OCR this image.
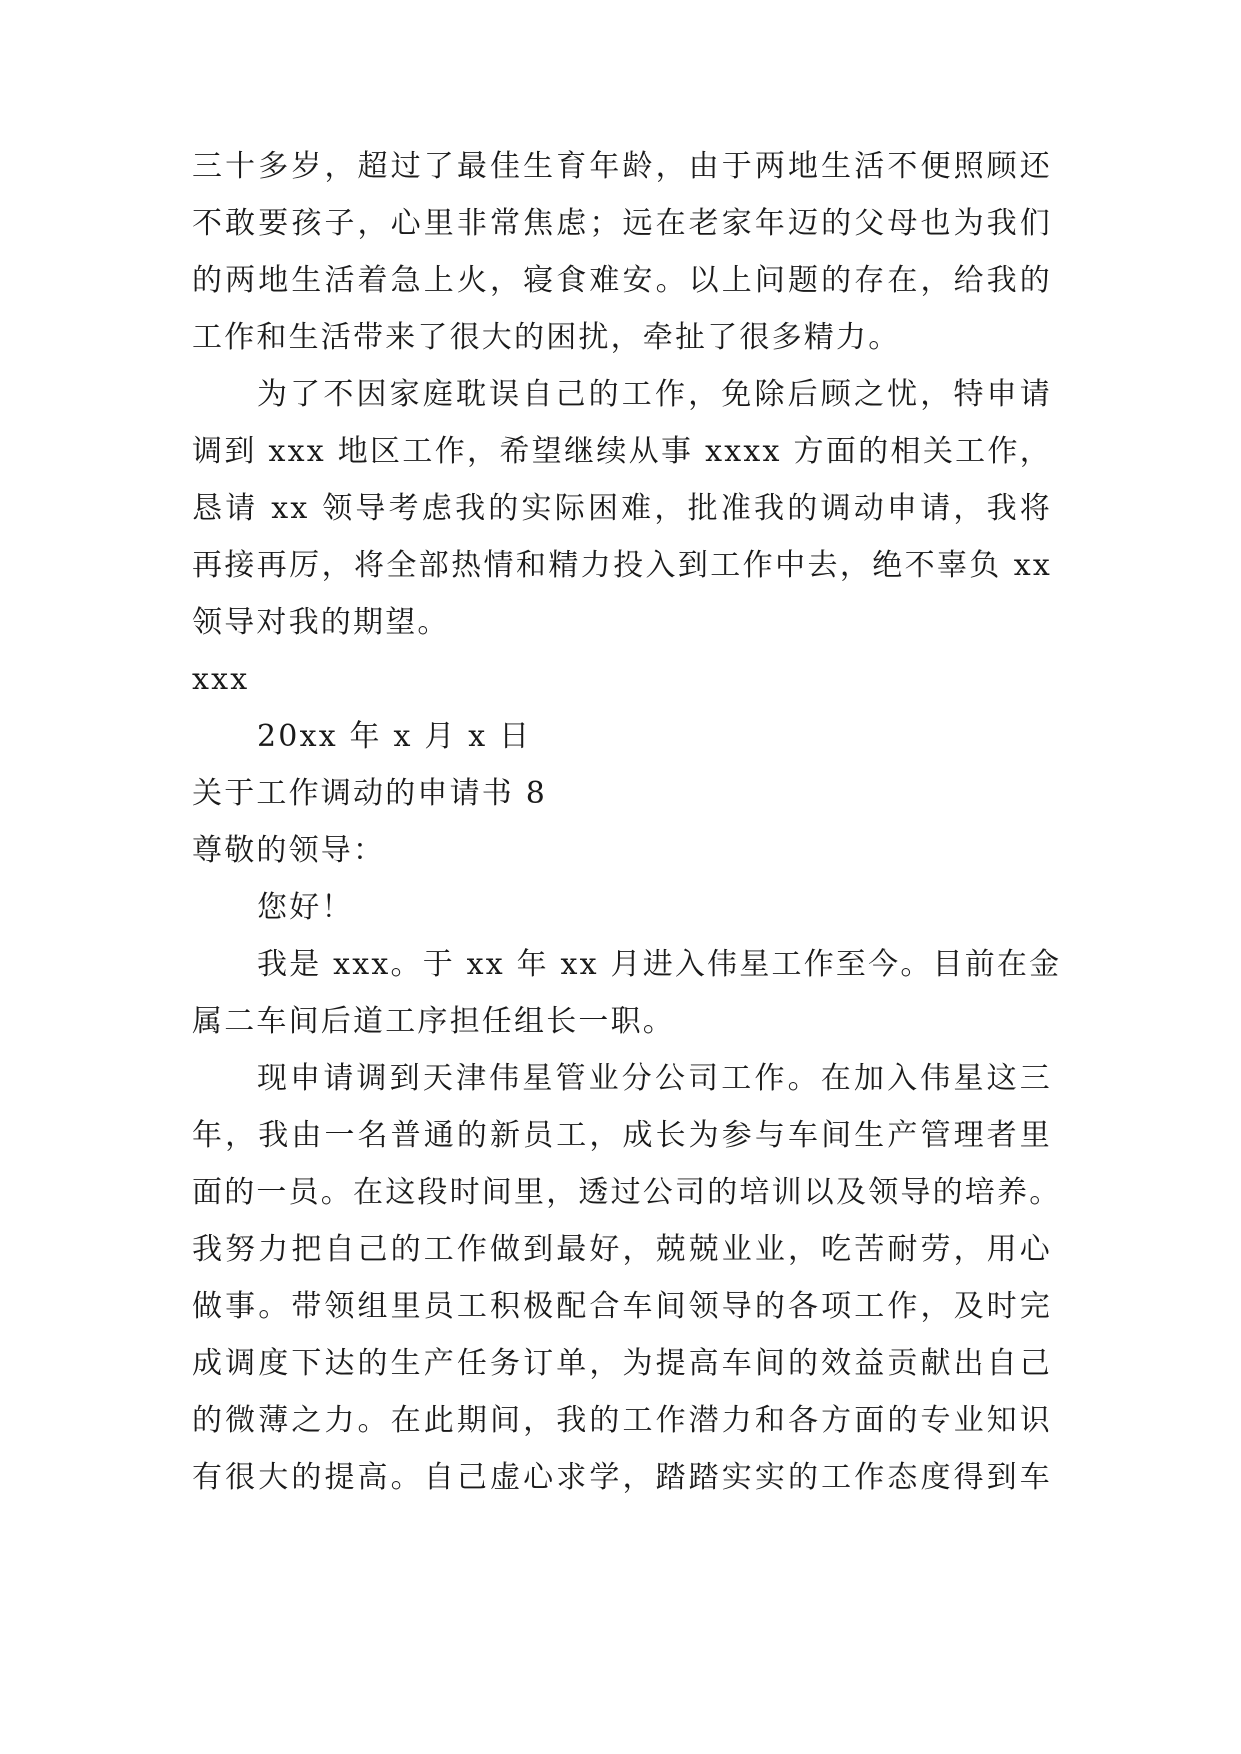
三十多岁，超过了最佳生育年龄，由于两地生活不便照顾还
不敢要孩子，心里非常焦虑；远在老家年迈的父母也为我们
的两地生活着急上火，寝食难安。以上问题的存在，给我的
工作和生活带来了很大的困扰，牵扯了很多精力。
为了不因家庭耽误自己的工作，免除后顾之忧，特申请
调到 xxx 地区工作，希望继续从事 xxxx 方面的相关工作，
恳请 xx 领导考虑我的实际困难，批准我的调动申请，我将
再接再厉，将全部热情和精力投入到工作中去，绝不辜负 xx
领导对我的期望。
xxx
20xx 年 x 月 x 日
关于工作调动的申请书 8
尊敬的领导：
您好！
我是 xxx。于 xx 年 xx 月进入伟星工作至今。目前在金
属二车间后道工序担任组长一职。
现申请调到天津伟星管业分公司工作。在加入伟星这三
年，我由一名普通的新员工，成长为参与车间生产管理者里
面的一员。在这段时间里，透过公司的培训以及领导的培养。
我努力把自己的工作做到最好，兢兢业业，吃苦耐劳，用心
做事。带领组里员工积极配合车间领导的各项工作，及时完
成调度下达的生产任务订单，为提高车间的效益贡献出自己
的微薄之力。在此期间，我的工作潜力和各方面的专业知识
有很大的提高。自己虚心求学，踏踏实实的工作态度得到车
